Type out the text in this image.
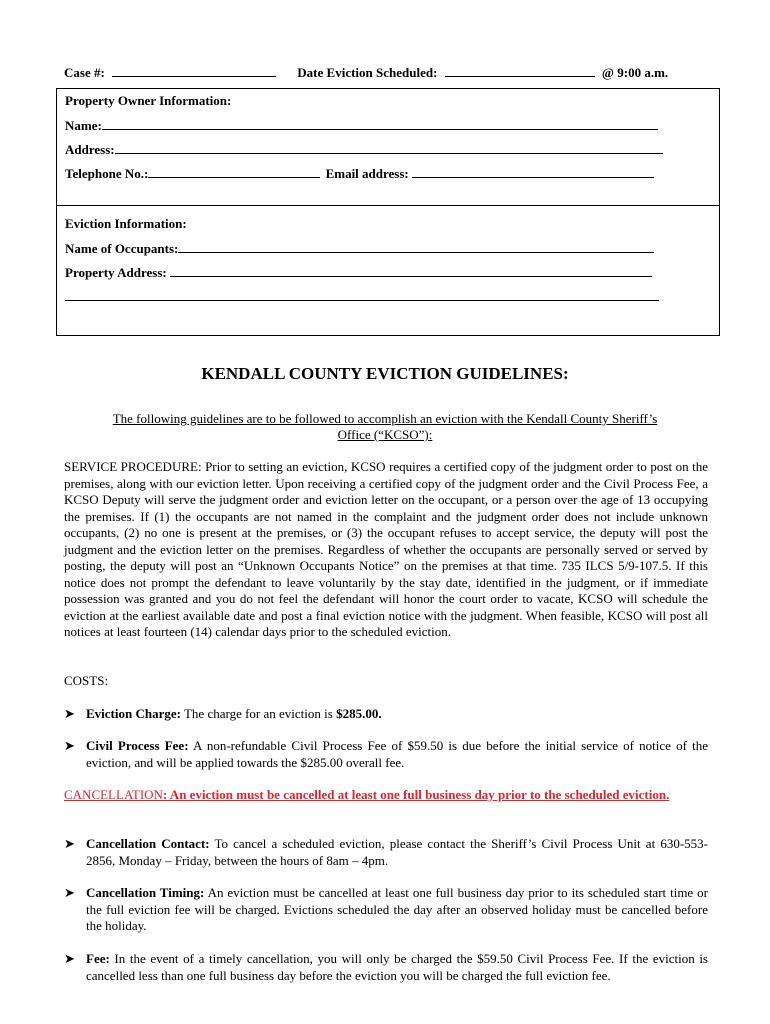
Case #:	Date Eviction Scheduled:	@ 9:00 a.m.
Property Owner Information:
Name:
Address:
Telephone No.:	Email address:
Eviction Information:
Name of Occupants:
Property Address:
KENDALL COUNTY EVICTION GUIDELINES:
The following guidelines are to be followed to accomplish an eviction with the Kendall County Sheriff’s Office (“KCSO”):
SERVICE PROCEDURE: Prior to setting an eviction, KCSO requires a certified copy of the judgment order to post on the premises, along with our eviction letter. Upon receiving a certified copy of the judgment order and the Civil Process Fee, a KCSO Deputy will serve the judgment order and eviction letter on the occupant, or a person over the age of 13 occupying the premises. If (1) the occupants are not named in the complaint and the judgment order does not include unknown occupants, (2) no one is present at the premises, or (3) the occupant refuses to accept service, the deputy will post the judgment and the eviction letter on the premises. Regardless of whether the occupants are personally served or served by posting, the deputy will post an “Unknown Occupants Notice” on the premises at that time. 735 ILCS 5/9-107.5. If this notice does not prompt the defendant to leave voluntarily by the stay date, identified in the judgment, or if immediate possession was granted and you do not feel the defendant will honor the court order to vacate, KCSO will schedule the eviction at the earliest available date and post a final eviction notice with the judgment. When feasible, KCSO will post all notices at least fourteen (14) calendar days prior to the scheduled eviction.
COSTS:
➤ Eviction Charge: The charge for an eviction is $285.00.
➤ Civil Process Fee: A non-refundable Civil Process Fee of $59.50 is due before the initial service of notice of the eviction, and will be applied towards the $285.00 overall fee.
CANCELLATION: An eviction must be cancelled at least one full business day prior to the scheduled eviction.
➤ Cancellation Contact: To cancel a scheduled eviction, please contact the Sheriff’s Civil Process Unit at 630-553-2856, Monday – Friday, between the hours of 8am – 4pm.
➤ Cancellation Timing: An eviction must be cancelled at least one full business day prior to its scheduled start time or the full eviction fee will be charged. Evictions scheduled the day after an observed holiday must be cancelled before the holiday.
➤ Fee: In the event of a timely cancellation, you will only be charged the $59.50 Civil Process Fee. If the eviction is cancelled less than one full business day before the eviction you will be charged the full eviction fee.
